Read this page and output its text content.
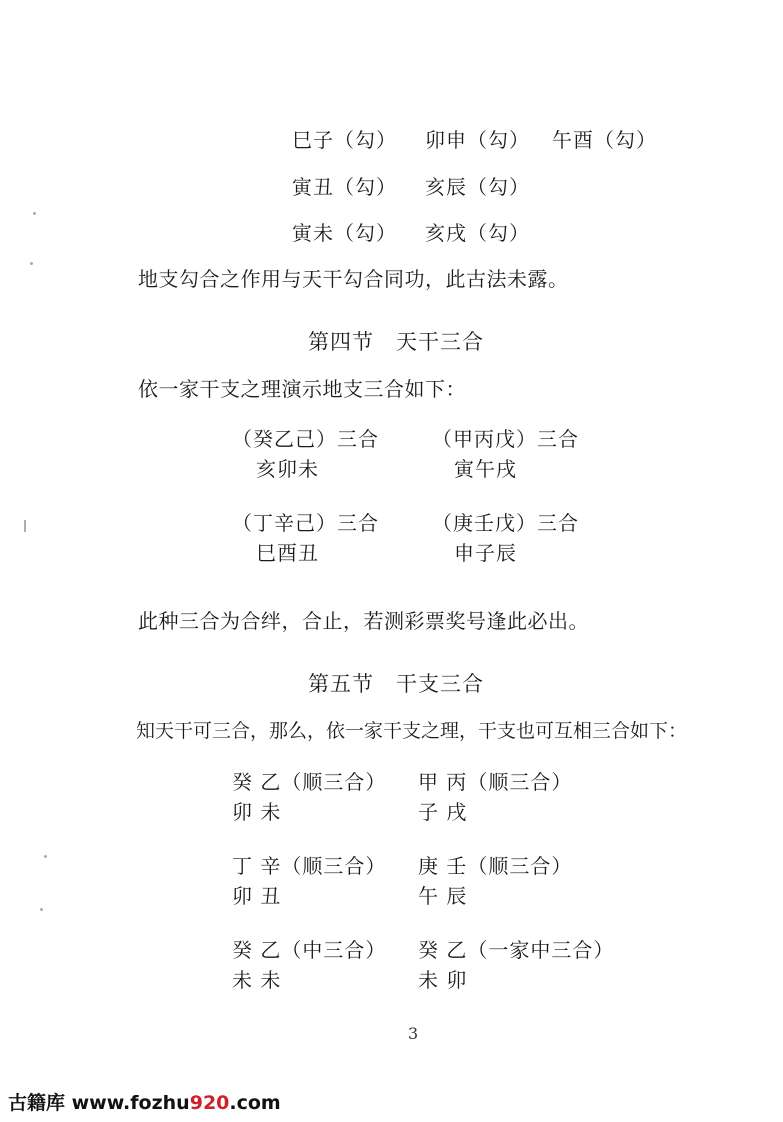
巳子（勾） 卯申（勾） 午酉（勾）
寅丑（勾） 亥辰（勾）
寅未（勾） 亥戌（勾）
地支勾合之作用与天干勾合同功，此古法未露。
第四节　天干三合
依一家干支之理演示地支三合如下：
（癸乙己）三合
亥卯未
（甲丙戊）三合
寅午戌
（丁辛己）三合
巳酉丑
（庚壬戊）三合
申子辰
此种三合为合绊，合止，若测彩票奖号逢此必出。
第五节　干支三合
知天干可三合，那么，依一家干支之理，干支也可互相三合如下：
癸 乙（顺三合）
卯 未
甲 丙（顺三合）
子 戌
丁 辛（顺三合）
卯 丑
庚 壬（顺三合）
午 辰
癸 乙（中三合）
未 未
癸 乙（一家中三合）
未 卯
3
古籍库 www.fozhu920.com
